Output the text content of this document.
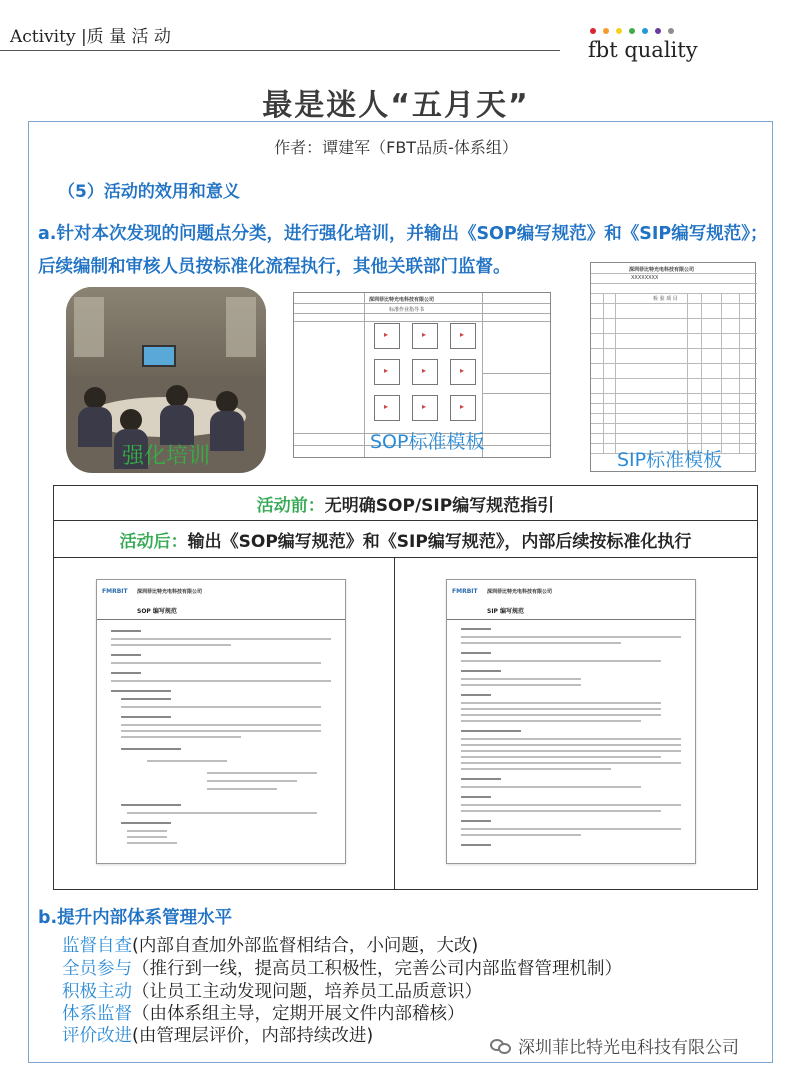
Activity |质 量 活 动
fbt quality
最是迷人“五月天”
作者：谭建军（FBT品质-体系组）
（5）活动的效用和意义
a.针对本次发现的问题点分类，进行强化培训，并输出《SOP编写规范》和《SIP编写规范》；后续编制和审核人员按标准化流程执行，其他关联部门监督。
强化培训
深圳菲比特光电科技有限公司
标准作业指导书
▸
▸
▸
▸
▸
▸
▸
▸
▸
SOP标准模板
深圳菲比特光电科技有限公司
XXXXXXXX
检 验 项 目
SIP标准模板
活动前： 无明确SOP/SIP编写规范指引
活动后： 输出《SOP编写规范》和《SIP编写规范》，内部后续按标准化执行
FMRBIT 深圳菲比特光电科技有限公司
SOP 编写规范
FMRBIT 深圳菲比特光电科技有限公司
SIP 编写规范
b.提升内部体系管理水平
监督自查(内部自查加外部监督相结合，小问题，大改)
全员参与（推行到一线，提高员工积极性，完善公司内部监督管理机制）
积极主动（让员工主动发现问题，培养员工品质意识）
体系监督（由体系组主导，定期开展文件内部稽核）
评价改进(由管理层评价，内部持续改进)
深圳菲比特光电科技有限公司
